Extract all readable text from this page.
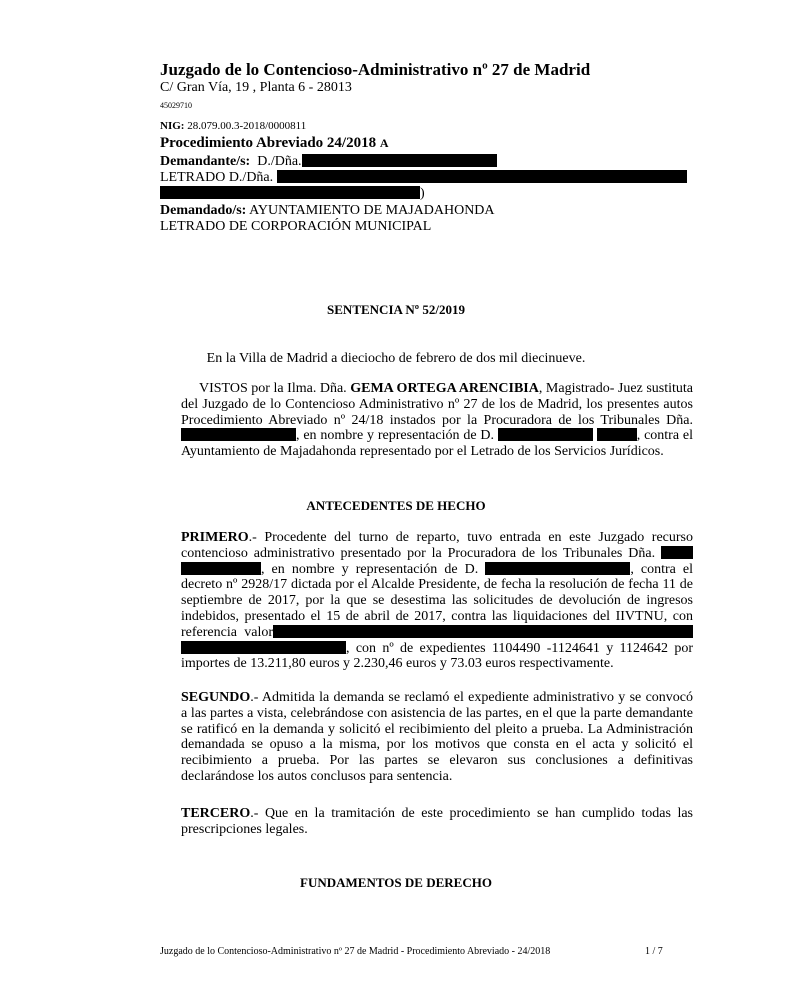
Juzgado de lo Contencioso-Administrativo nº 27 de Madrid
C/ Gran Vía, 19 , Planta 6 - 28013
45029710
NIG: 28.079.00.3-2018/0000811
Procedimiento Abreviado 24/2018 A
Demandante/s: D./Dña.
LETRADO D./Dña.
)
Demandado/s: AYUNTAMIENTO DE MAJADAHONDA
LETRADO DE CORPORACIÓN MUNICIPAL
SENTENCIA Nº 52/2019
En la Villa de Madrid a dieciocho de febrero de dos mil diecinueve.
VISTOS por la Ilma. Dña. GEMA ORTEGA ARENCIBIA, Magistrado- Juez sustituta del Juzgado de lo Contencioso Administrativo nº 27 de los de Madrid, los presentes autos Procedimiento Abreviado nº 24/18 instados por la Procuradora de los Tribunales Dña. , en nombre y representación de D.	, contra el Ayuntamiento de Majadahonda representado por el Letrado de los Servicios Jurídicos.
ANTECEDENTES DE HECHO
PRIMERO.- Procedente del turno de reparto, tuvo entrada en este Juzgado recurso contencioso administrativo presentado por la Procuradora de los Tribunales Dña.  , en nombre y representación de D.	, contra el decreto nº 2928/17 dictada por el Alcalde Presidente, de fecha la resolución de fecha 11 de septiembre de 2017, por la que se desestima las solicitudes de devolución de ingresos indebidos, presentado el 15 de abril de 2017, contra las liquidaciones del IIVTNU, con referencia valor , con nº de expedientes 1104490 -1124641 y 1124642 por importes de 13.211,80 euros y 2.230,46 euros y 73.03 euros respectivamente.
SEGUNDO.- Admitida la demanda se reclamó el expediente administrativo y se convocó a las partes a vista, celebrándose con asistencia de las partes, en el que la parte demandante se ratificó en la demanda y solicitó el recibimiento del pleito a prueba. La Administración demandada se opuso a la misma, por los motivos que consta en el acta y solicitó el recibimiento a prueba. Por las partes se elevaron sus conclusiones a definitivas declarándose los autos conclusos para sentencia.
TERCERO.- Que en la tramitación de este procedimiento se han cumplido todas las prescripciones legales.
FUNDAMENTOS DE DERECHO
Juzgado de lo Contencioso-Administrativo nº 27 de Madrid - Procedimiento Abreviado - 24/2018	1 / 7
